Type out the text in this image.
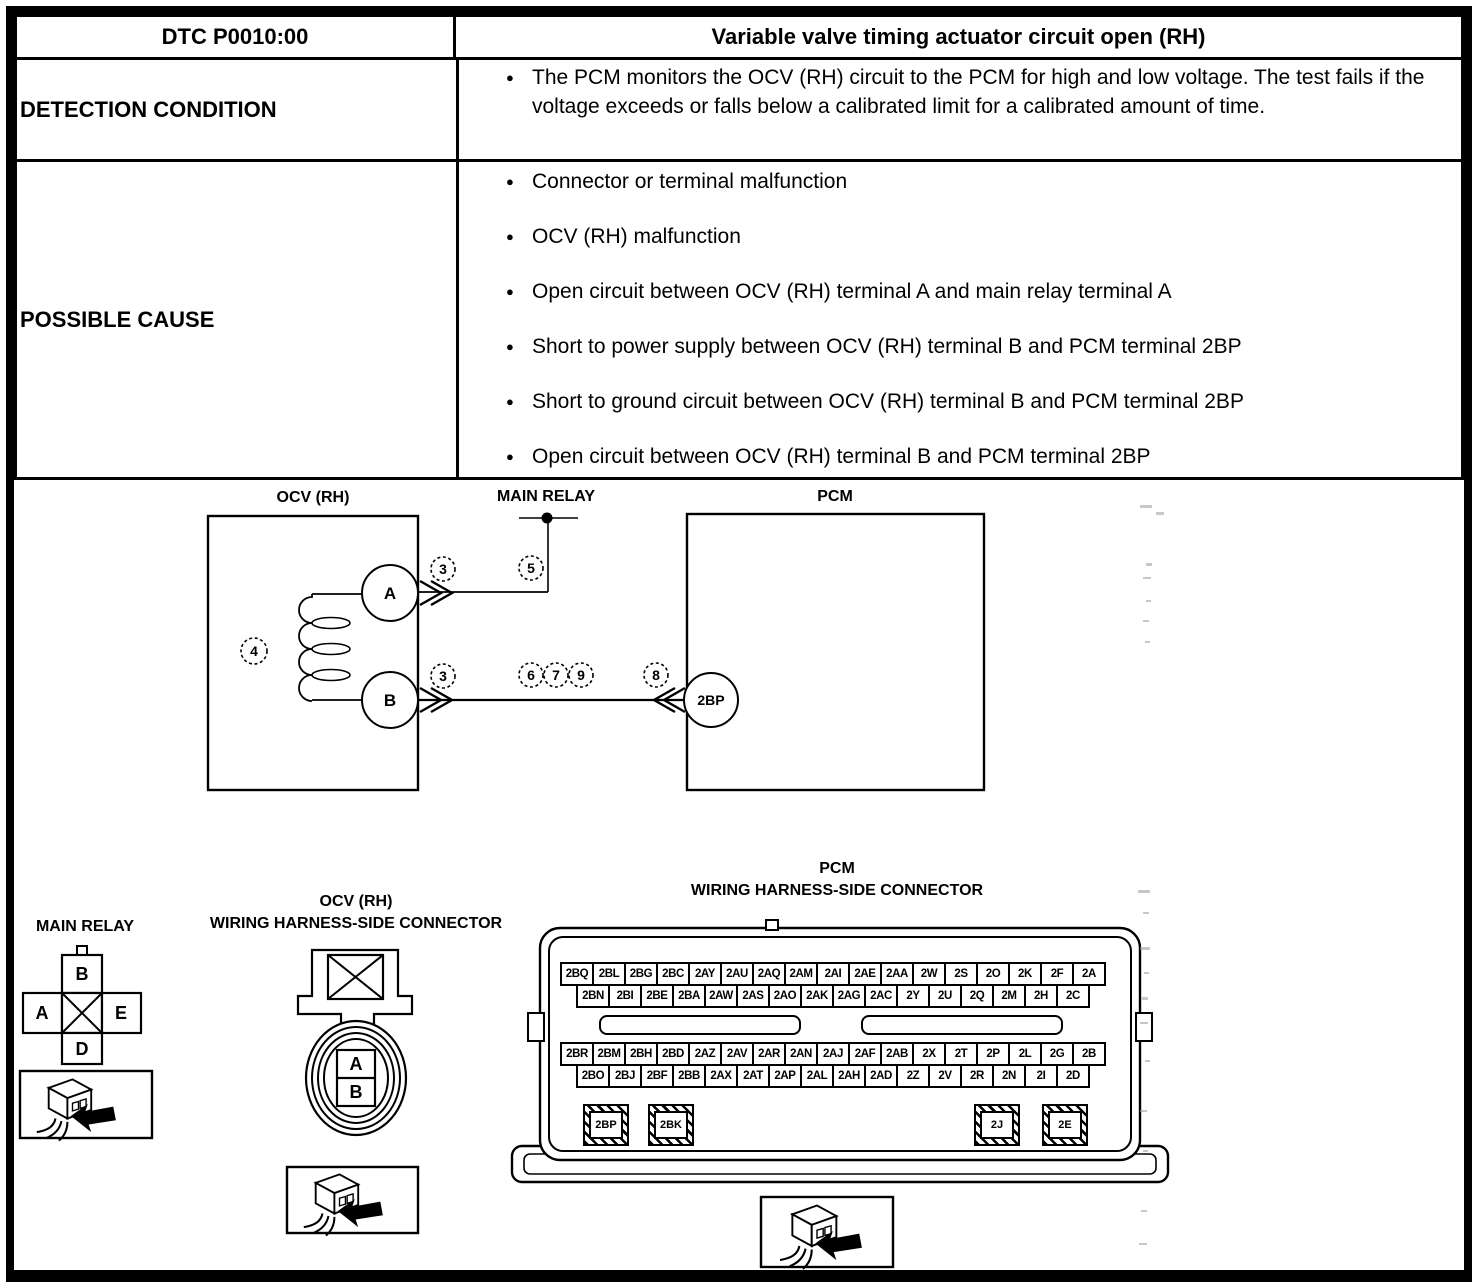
DTC P0010:00	Variable valve timing actuator circuit open (RH)
DETECTION CONDITION
● The PCM monitors the OCV (RH) circuit to the PCM for high and low voltage. The test fails if the voltage exceeds or falls below a calibrated limit for a calibrated amount of time.
POSSIBLE CAUSE
● Connector or terminal malfunction
● OCV (RH) malfunction
● Open circuit between OCV (RH) terminal A and main relay terminal A
● Short to power supply between OCV (RH) terminal B and PCM terminal 2BP
● Short to ground circuit between OCV (RH) terminal B and PCM terminal 2BP
● Open circuit between OCV (RH) terminal B and PCM terminal 2BP
OCV (RH)	MAIN RELAY	PCM
A
B	2BP
4
3	5
3	6 7 9	8
MAIN RELAY
B
A	E
D
OCV (RH)
WIRING HARNESS-SIDE CONNECTOR
A
B
PCM
WIRING HARNESS-SIDE CONNECTOR
2BQ 2BL 2BG 2BC 2AY 2AU 2AQ 2AM	2AI	2AE 2AA	2W	2S	2O	2K	2F	2A
2BN	2BI	2BE 2BA 2AW 2AS 2AO 2AK 2AG 2AC	2Y	2U	2Q	2M	2H	2C
2BR 2BM 2BH 2BD 2AZ	2AV 2AR 2AN 2AJ	2AF 2AB	2X	2T	2P	2L	2G	2B
2BO 2BJ	2BF 2BB 2AX	2AT	2AP 2AL 2AH 2AD	2Z	2V	2R	2N	2I	2D
2BP	2BK	2J	2E
